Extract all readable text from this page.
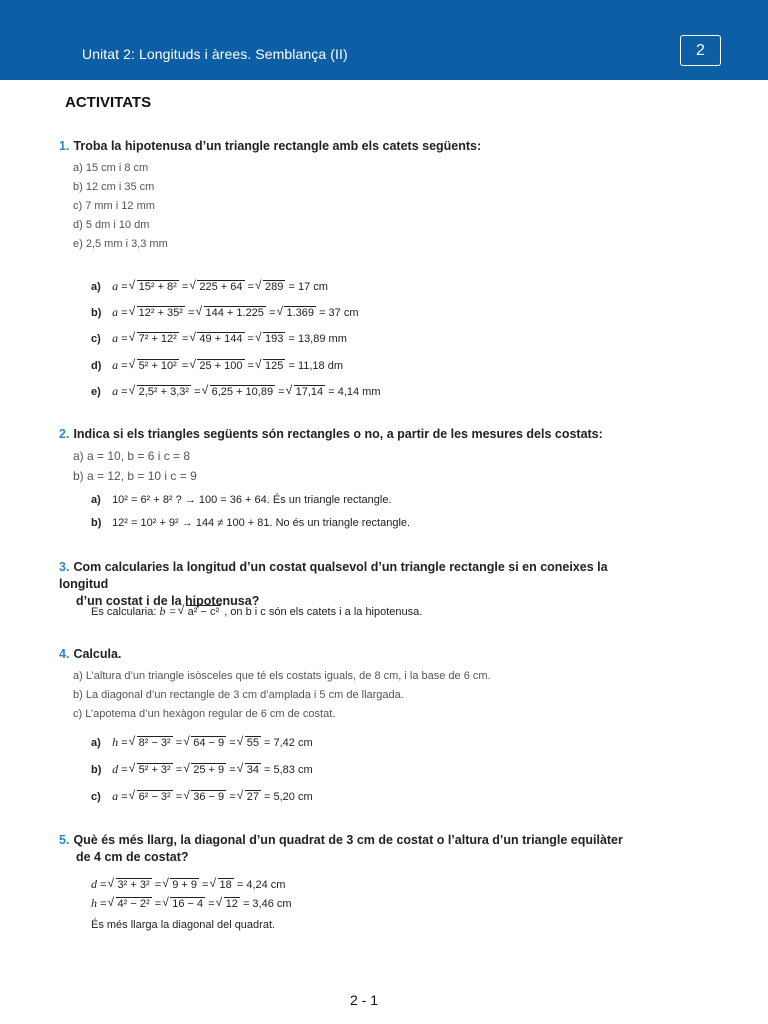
Unitat 2: Longituds i àrees. Semblança (II)	2
ACTIVITATS
1. Troba la hipotenusa d’un triangle rectangle amb els catets següents:
a) 15 cm i 8 cm
b) 12 cm i 35 cm
c) 7 mm i 12 mm
d) 5 dm i 10 dm
e) 2,5 mm i 3,3 mm
a) a = √ 15² + 8² = √ 225 + 64 = √ 289 = 17 cm
b) a = √ 12² + 35² = √ 144 + 1.225 = √ 1.369 = 37 cm
c) a = √ 7² + 12² = √ 49 + 144 = √ 193 = 13,89 mm
d) a = √ 5² + 10² = √ 25 + 100 = √ 125 = 11,18 dm
e) a = √ 2,5² + 3,3² = √ 6,25 + 10,89 = √ 17,14 = 4,14 mm
2. Indica si els triangles següents són rectangles o no, a partir de les mesures dels costats:
a) a = 10, b = 6 i c = 8
b) a = 12, b = 10 i c = 9
a) 10² = 6² + 8² ? → 100 = 36 + 64. És un triangle rectangle.
b) 12² = 10² + 9² → 144 ≠ 100 + 81. No és un triangle rectangle.
3. Com calcularies la longitud d’un costat qualsevol d’un triangle rectangle si en coneixes la longitud
d’un costat i de la hipotenusa?
Es calcularia: b = √ a² − c² , on b i c són els catets i a la hipotenusa.
4. Calcula.
a) L’altura d’un triangle isòsceles que té els costats iguals, de 8 cm, i la base de 6 cm.
b) La diagonal d’un rectangle de 3 cm d’amplada i 5 cm de llargada.
c) L’apotema d’un hexàgon regular de 6 cm de costat.
a) h = √ 8² − 3² = √ 64 − 9 = √ 55 = 7,42 cm
b) d = √ 5² + 3² = √ 25 + 9 = √ 34 = 5,83 cm
c) a = √ 6² − 3² = √ 36 − 9 = √ 27 = 5,20 cm
5. Què és més llarg, la diagonal d’un quadrat de 3 cm de costat o l’altura d’un triangle equilàter
de 4 cm de costat?
d = √ 3² + 3² = √ 9 + 9 = √ 18 = 4,24 cm
h = √ 4² − 2² = √ 16 − 4 = √ 12 = 3,46 cm
És més llarga la diagonal del quadrat.
2 - 1
